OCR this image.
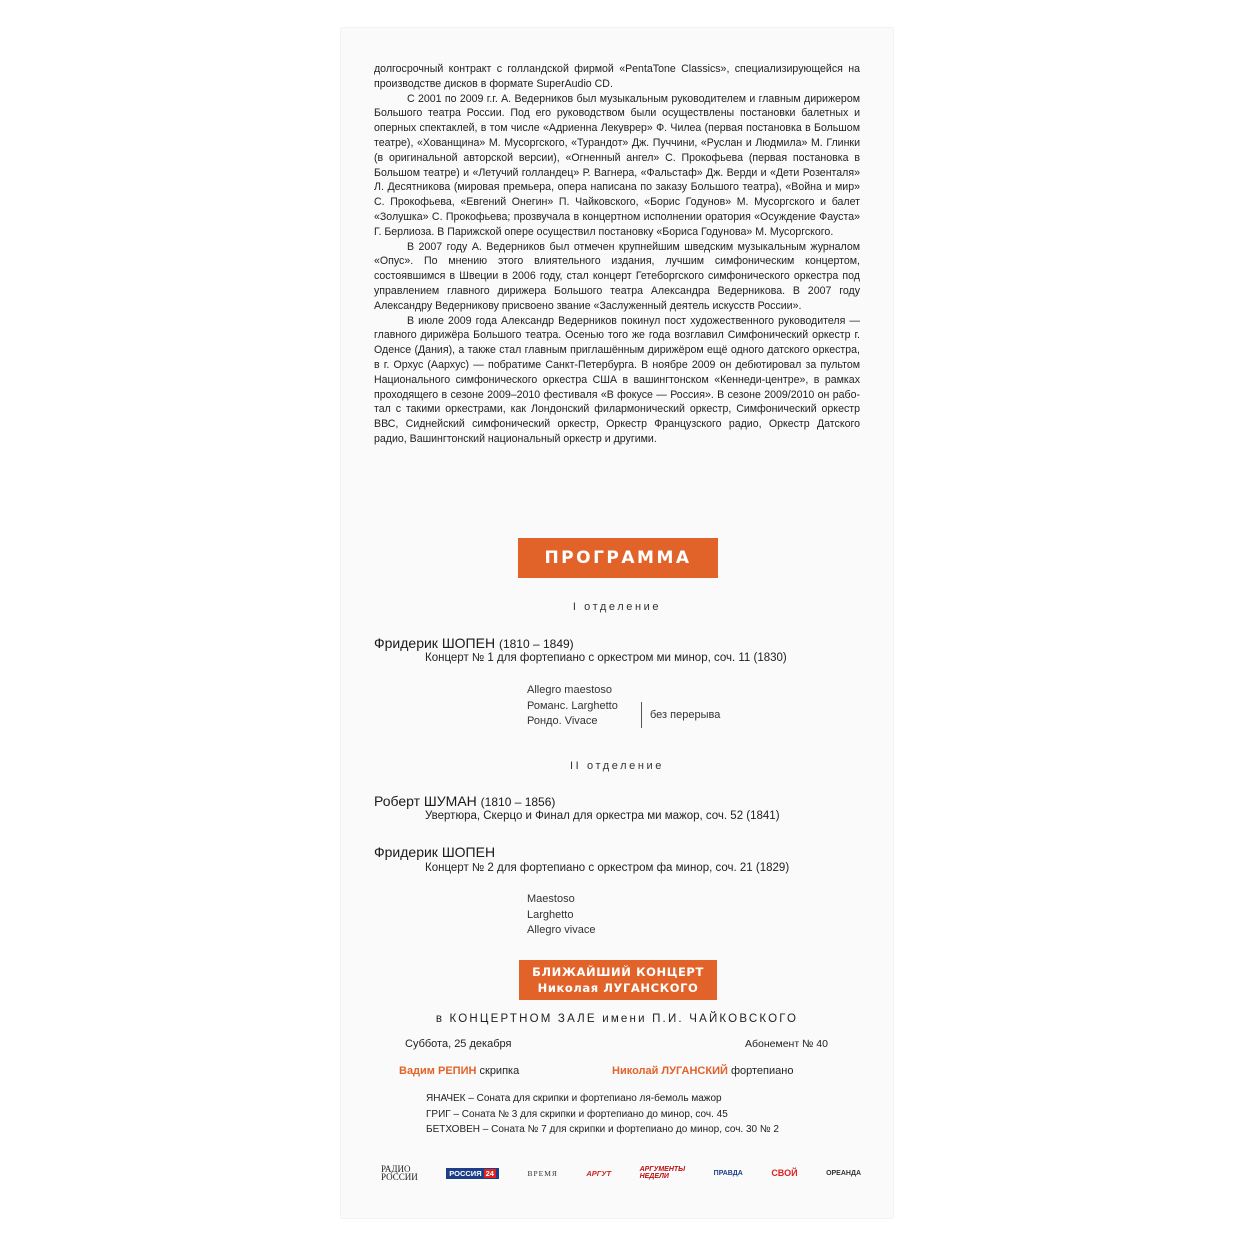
долгосрочный контракт с голландской фирмой «PentaTone Classics», специализирующейся на производстве дисков в формате SuperAudio CD.

С 2001 по 2009 г.г. А. Ведерников был музыкальным руководителем и главным дирижером Большого театра России. Под его руководством были осуществлены постановки балетных и оперных спектаклей, в том числе «Адриенна Лекуврер» Ф. Чилеа (первая постановка в Большом театре), «Хованщина» М. Мусоргского, «Турандот» Дж. Пуччини, «Руслан и Людмила» М. Глинки (в оригинальной авторской версии), «Огненный ангел» С. Прокофьева (первая постановка в Большом театре) и «Летучий голландец» Р. Вагнера, «Фальстаф» Дж. Верди и «Дети Розенталя» Л. Десятникова (мировая премьера, опера написана по заказу Большого театра), «Война и мир» С. Прокофьева, «Евгений Онегин» П. Чайковского, «Борис Годунов» М. Мусоргского и балет «Золушка» С. Прокофьева; прозвучала в концертном исполнении оратория «Осуждение Фауста» Г. Берлиоза. В Парижской опере осуществил постановку «Бориса Годунова» М. Мусоргского.

В 2007 году А. Ведерников был отмечен крупнейшим шведским музыкальным журналом «Опус». По мнению этого влиятельного издания, лучшим симфоническим концертом, состоявшимся в Швеции в 2006 году, стал концерт Гетеборгского симфонического оркестра под управлением главного дирижера Большого театра Александра Ведерникова. В 2007 году Александру Ведерникову присвоено звание «Заслуженный деятель искусств России».

В июле 2009 года Александр Ведерников покинул пост художественного руководителя — главного дирижёра Большого театра. Осенью того же года возглавил Симфонический оркестр г. Оденсе (Дания), а также стал главным приглашённым дирижёром ещё одного датского оркестра, в г. Орхус (Аархус) — побратиме Санкт-Петербурга. В ноябре 2009 он дебютировал за пультом Национального симфонического оркестра США в вашингтонском «Кеннеди-центре», в рамках проходящего в сезоне 2009–2010 фестиваля «В фокусе — Россия». В сезоне 2009/2010 он работал с такими оркестрами, как Лондонский филармонический оркестр, Симфонический оркестр ВВС, Сиднейский симфонический оркестр, Оркестр Французского радио, Оркестр Датского радио, Вашингтонский национальный оркестр и другими.

ПРОГРАММА
I отделение
Фридерик ШОПЕН (1810 – 1849)
Концерт № 1 для фортепиано с оркестром ми минор, соч. 11 (1830)
Allegro maestoso
Романс. Larghetto
Рондо. Vivace	без перерыва
II отделение
Роберт ШУМАН (1810 – 1856)
Увертюра, Скерцо и Финал для оркестра ми мажор, соч. 52 (1841)
Фридерик ШОПЕН
Концерт № 2 для фортепиано с оркестром фа минор, соч. 21 (1829)
Maestoso
Larghetto
Allegro vivace
БЛИЖАЙШИЙ КОНЦЕРТ
Николая ЛУГАНСКОГО
в КОНЦЕРТНОМ ЗАЛЕ имени П.И. ЧАЙКОВСКОГО
Суббота, 25 декабря	Абонемент № 40
Вадим РЕПИН скрипка	Николай ЛУГАНСКИЙ фортепиано
ЯНАЧЕК – Соната для скрипки и фортепиано ля-бемоль мажор
ГРИГ – Соната № 3 для скрипки и фортепиано до минор, соч. 45
БЕТХОВЕН – Соната № 7 для скрипки и фортепиано до минор, соч. 30 № 2
РАДИО
РОССИИ	РОССИЯ 24	ВРЕМЯ	АРГУТ	АРГУМЕНТЫ
НЕДЕЛИ	ПРАВДА	СВОЙ	ОРЕАНДА
